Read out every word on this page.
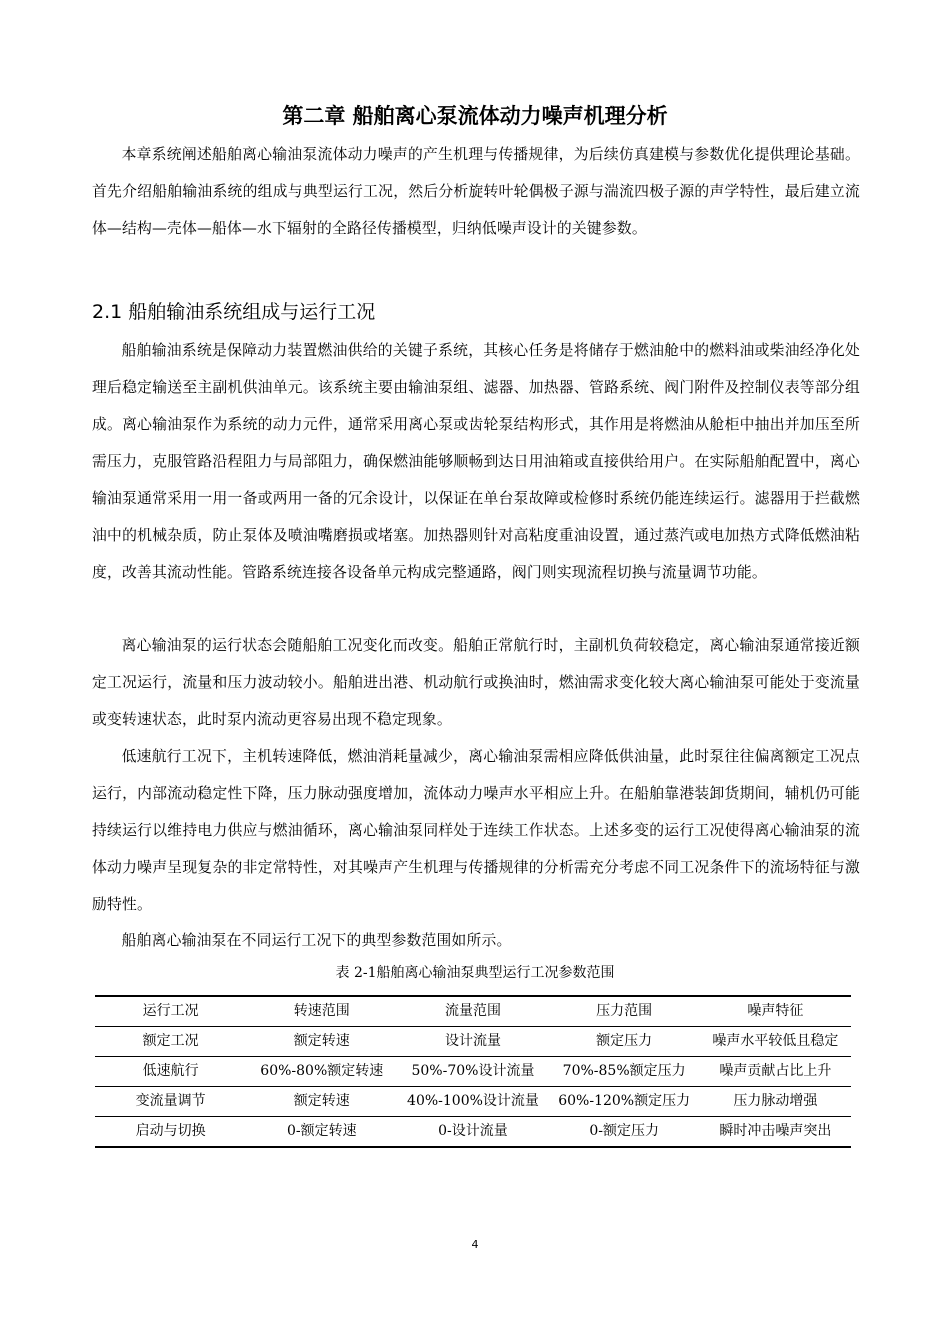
第二章 船舶离心泵流体动力噪声机理分析

本章系统阐述船舶离心输油泵流体动力噪声的产生机理与传播规律，为后续仿真建模与参数优化提供理论基础。首先介绍船舶输油系统的组成与典型运行工况，然后分析旋转叶轮偶极子源与湍流四极子源的声学特性，最后建立流体—结构—壳体—船体—水下辐射的全路径传播模型，归纳低噪声设计的关键参数。

2.1 船舶输油系统组成与运行工况

船舶输油系统是保障动力装置燃油供给的关键子系统，其核心任务是将储存于燃油舱中的燃料油或柴油经净化处理后稳定输送至主副机供油单元。该系统主要由输油泵组、滤器、加热器、管路系统、阀门附件及控制仪表等部分组成。离心输油泵作为系统的动力元件，通常采用离心泵或齿轮泵结构形式，其作用是将燃油从舱柜中抽出并加压至所需压力，克服管路沿程阻力与局部阻力，确保燃油能够顺畅到达日用油箱或直接供给用户。在实际船舶配置中，离心输油泵通常采用一用一备或两用一备的冗余设计，以保证在单台泵故障或检修时系统仍能连续运行。滤器用于拦截燃油中的机械杂质，防止泵体及喷油嘴磨损或堵塞。加热器则针对高粘度重油设置，通过蒸汽或电加热方式降低燃油粘度，改善其流动性能。管路系统连接各设备单元构成完整通路，阀门则实现流程切换与流量调节功能。

离心输油泵的运行状态会随船舶工况变化而改变。船舶正常航行时，主副机负荷较稳定，离心输油泵通常接近额定工况运行，流量和压力波动较小。船舶进出港、机动航行或换油时，燃油需求变化较大离心输油泵可能处于变流量或变转速状态，此时泵内流动更容易出现不稳定现象。

低速航行工况下，主机转速降低，燃油消耗量减少，离心输油泵需相应降低供油量，此时泵往往偏离额定工况点运行，内部流动稳定性下降，压力脉动强度增加，流体动力噪声水平相应上升。在船舶靠港装卸货期间，辅机仍可能持续运行以维持电力供应与燃油循环，离心输油泵同样处于连续工作状态。上述多变的运行工况使得离心输油泵的流体动力噪声呈现复杂的非定常特性，对其噪声产生机理与传播规律的分析需充分考虑不同工况条件下的流场特征与激励特性。

船舶离心输油泵在不同运行工况下的典型参数范围如所示。

表 2-1船舶离心输油泵典型运行工况参数范围

运行工况	转速范围	流量范围	压力范围	噪声特征
额定工况	额定转速	设计流量	额定压力	噪声水平较低且稳定
低速航行	60%-80%额定转速	50%-70%设计流量	70%-85%额定压力	噪声贡献占比上升
变流量调节	额定转速	40%-100%设计流量	60%-120%额定压力	压力脉动增强
启动与切换	0-额定转速	0-设计流量	0-额定压力	瞬时冲击噪声突出

4
